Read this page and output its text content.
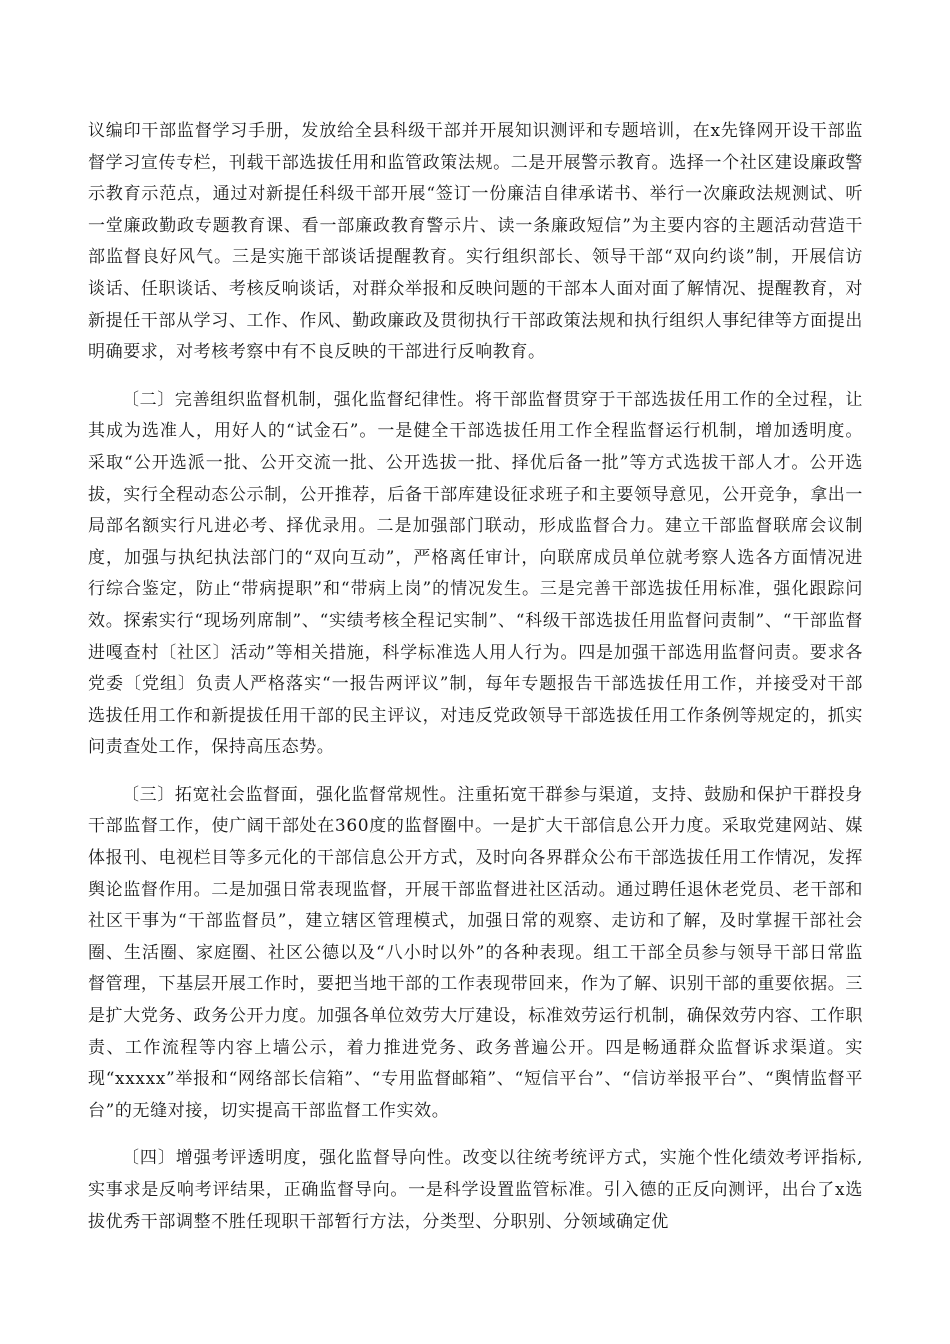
议编印干部监督学习手册，发放给全县科级干部并开展知识测评和专题培训，在x先锋网开设干部监督学习宣传专栏，刊载干部选拔任用和监管政策法规。二是开展警示教育。选择一个社区建设廉政警示教育示范点，通过对新提任科级干部开展“签订一份廉洁自律承诺书、举行一次廉政法规测试、听一堂廉政勤政专题教育课、看一部廉政教育警示片、读一条廉政短信”为主要内容的主题活动营造干部监督良好风气。三是实施干部谈话提醒教育。实行组织部长、领导干部“双向约谈”制，开展信访谈话、任职谈话、考核反响谈话，对群众举报和反映问题的干部本人面对面了解情况、提醒教育，对新提任干部从学习、工作、作风、勤政廉政及贯彻执行干部政策法规和执行组织人事纪律等方面提出明确要求，对考核考察中有不良反映的干部进行反响教育。

〔二〕完善组织监督机制，强化监督纪律性。将干部监督贯穿于干部选拔任用工作的全过程，让其成为选准人，用好人的“试金石”。一是健全干部选拔任用工作全程监督运行机制，增加透明度。采取“公开选派一批、公开交流一批、公开选拔一批、择优后备一批”等方式选拔干部人才。公开选拔，实行全程动态公示制，公开推荐，后备干部库建设征求班子和主要领导意见，公开竞争，拿出一局部名额实行凡进必考、择优录用。二是加强部门联动，形成监督合力。建立干部监督联席会议制度，加强与执纪执法部门的“双向互动”，严格离任审计，向联席成员单位就考察人选各方面情况进行综合鉴定，防止“带病提职”和“带病上岗”的情况发生。三是完善干部选拔任用标准，强化跟踪问效。探索实行“现场列席制”、“实绩考核全程记实制”、“科级干部选拔任用监督问责制”、“干部监督进嘎查村〔社区〕活动”等相关措施，科学标准选人用人行为。四是加强干部选用监督问责。要求各党委〔党组〕负责人严格落实“一报告两评议”制，每年专题报告干部选拔任用工作，并接受对干部选拔任用工作和新提拔任用干部的民主评议，对违反党政领导干部选拔任用工作条例等规定的，抓实问责查处工作，保持高压态势。

〔三〕拓宽社会监督面，强化监督常规性。注重拓宽干群参与渠道，支持、鼓励和保护干群投身干部监督工作，使广阔干部处在360度的监督圈中。一是扩大干部信息公开力度。采取党建网站、媒体报刊、电视栏目等多元化的干部信息公开方式，及时向各界群众公布干部选拔任用工作情况，发挥舆论监督作用。二是加强日常表现监督，开展干部监督进社区活动。通过聘任退休老党员、老干部和社区干事为“干部监督员”，建立辖区管理模式，加强日常的观察、走访和了解，及时掌握干部社会圈、生活圈、家庭圈、社区公德以及“八小时以外”的各种表现。组工干部全员参与领导干部日常监督管理，下基层开展工作时，要把当地干部的工作表现带回来，作为了解、识别干部的重要依据。三是扩大党务、政务公开力度。加强各单位效劳大厅建设，标准效劳运行机制，确保效劳内容、工作职责、工作流程等内容上墙公示，着力推进党务、政务普遍公开。四是畅通群众监督诉求渠道。实现“xxxxx”举报和“网络部长信箱”、“专用监督邮箱”、“短信平台”、“信访举报平台”、“舆情监督平台”的无缝对接，切实提高干部监督工作实效。

〔四〕增强考评透明度，强化监督导向性。改变以往统考统评方式，实施个性化绩效考评指标,实事求是反响考评结果，正确监督导向。一是科学设置监管标准。引入德的正反向测评，出台了x选拔优秀干部调整不胜任现职干部暂行方法，分类型、分职别、分领域确定优
